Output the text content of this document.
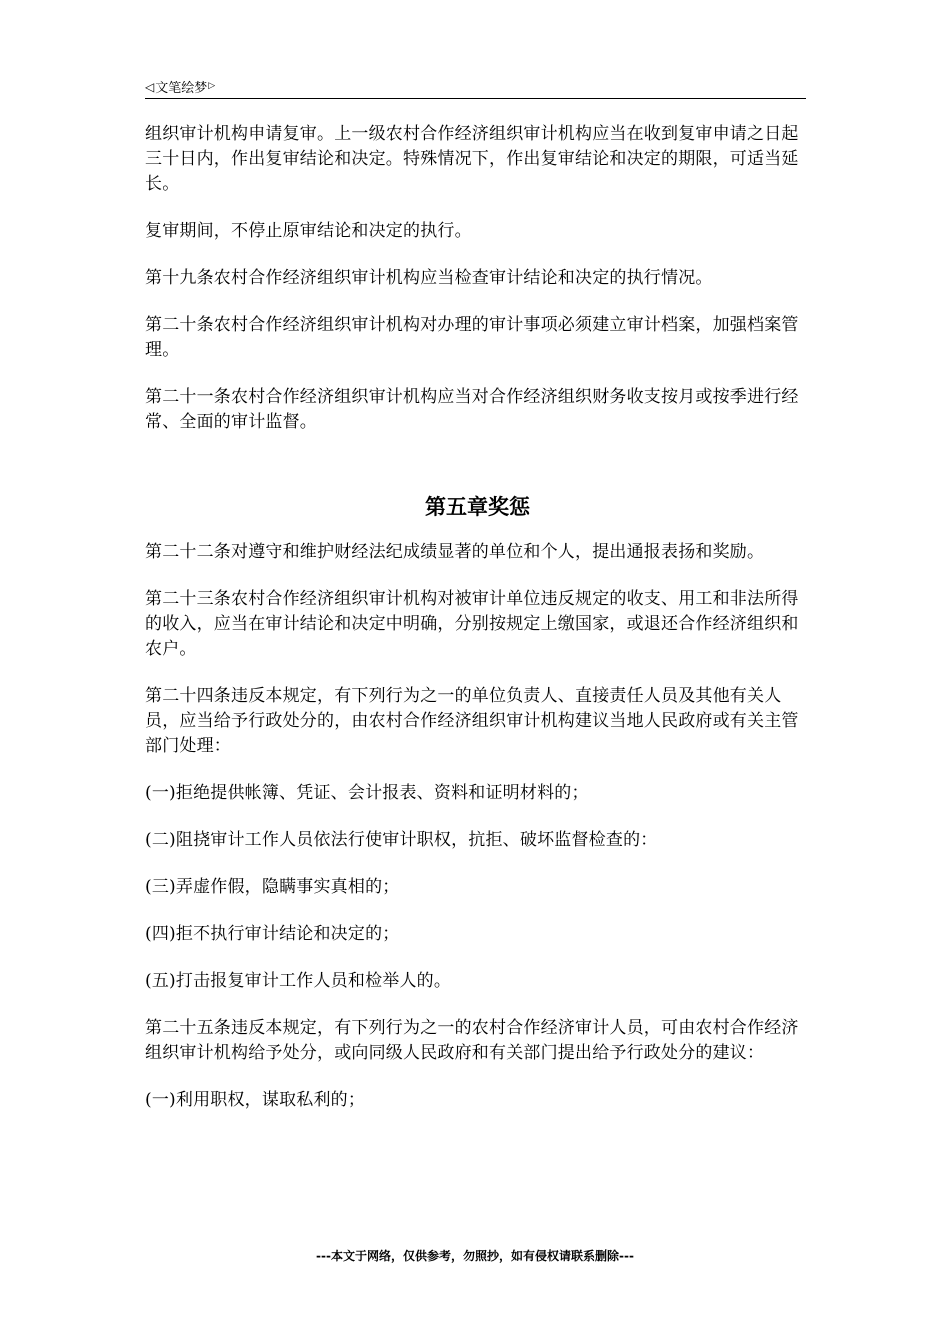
◁ 文笔绘梦 ▷

组织审计机构申请复审。上一级农村合作经济组织审计机构应当在收到复审申请之日起三十日内，作出复审结论和决定。特殊情况下，作出复审结论和决定的期限，可适当延长。

复审期间，不停止原审结论和决定的执行。

第十九条农村合作经济组织审计机构应当检查审计结论和决定的执行情况。

第二十条农村合作经济组织审计机构对办理的审计事项必须建立审计档案，加强档案管理。

第二十一条农村合作经济组织审计机构应当对合作经济组织财务收支按月或按季进行经常、全面的审计监督。

第五章奖惩

第二十二条对遵守和维护财经法纪成绩显著的单位和个人，提出通报表扬和奖励。

第二十三条农村合作经济组织审计机构对被审计单位违反规定的收支、用工和非法所得的收入，应当在审计结论和决定中明确，分别按规定上缴国家，或退还合作经济组织和农户。

第二十四条违反本规定，有下列行为之一的单位负责人、直接责任人员及其他有关人员，应当给予行政处分的，由农村合作经济组织审计机构建议当地人民政府或有关主管部门处理：

(一)拒绝提供帐簿、凭证、会计报表、资料和证明材料的；

(二)阻挠审计工作人员依法行使审计职权，抗拒、破坏监督检查的：

(三)弄虚作假，隐瞒事实真相的；

(四)拒不执行审计结论和决定的；

(五)打击报复审计工作人员和检举人的。

第二十五条违反本规定，有下列行为之一的农村合作经济审计人员，可由农村合作经济组织审计机构给予处分，或向同级人民政府和有关部门提出给予行政处分的建议：

(一)利用职权，谋取私利的；

---本文于网络，仅供参考，勿照抄，如有侵权请联系删除---
